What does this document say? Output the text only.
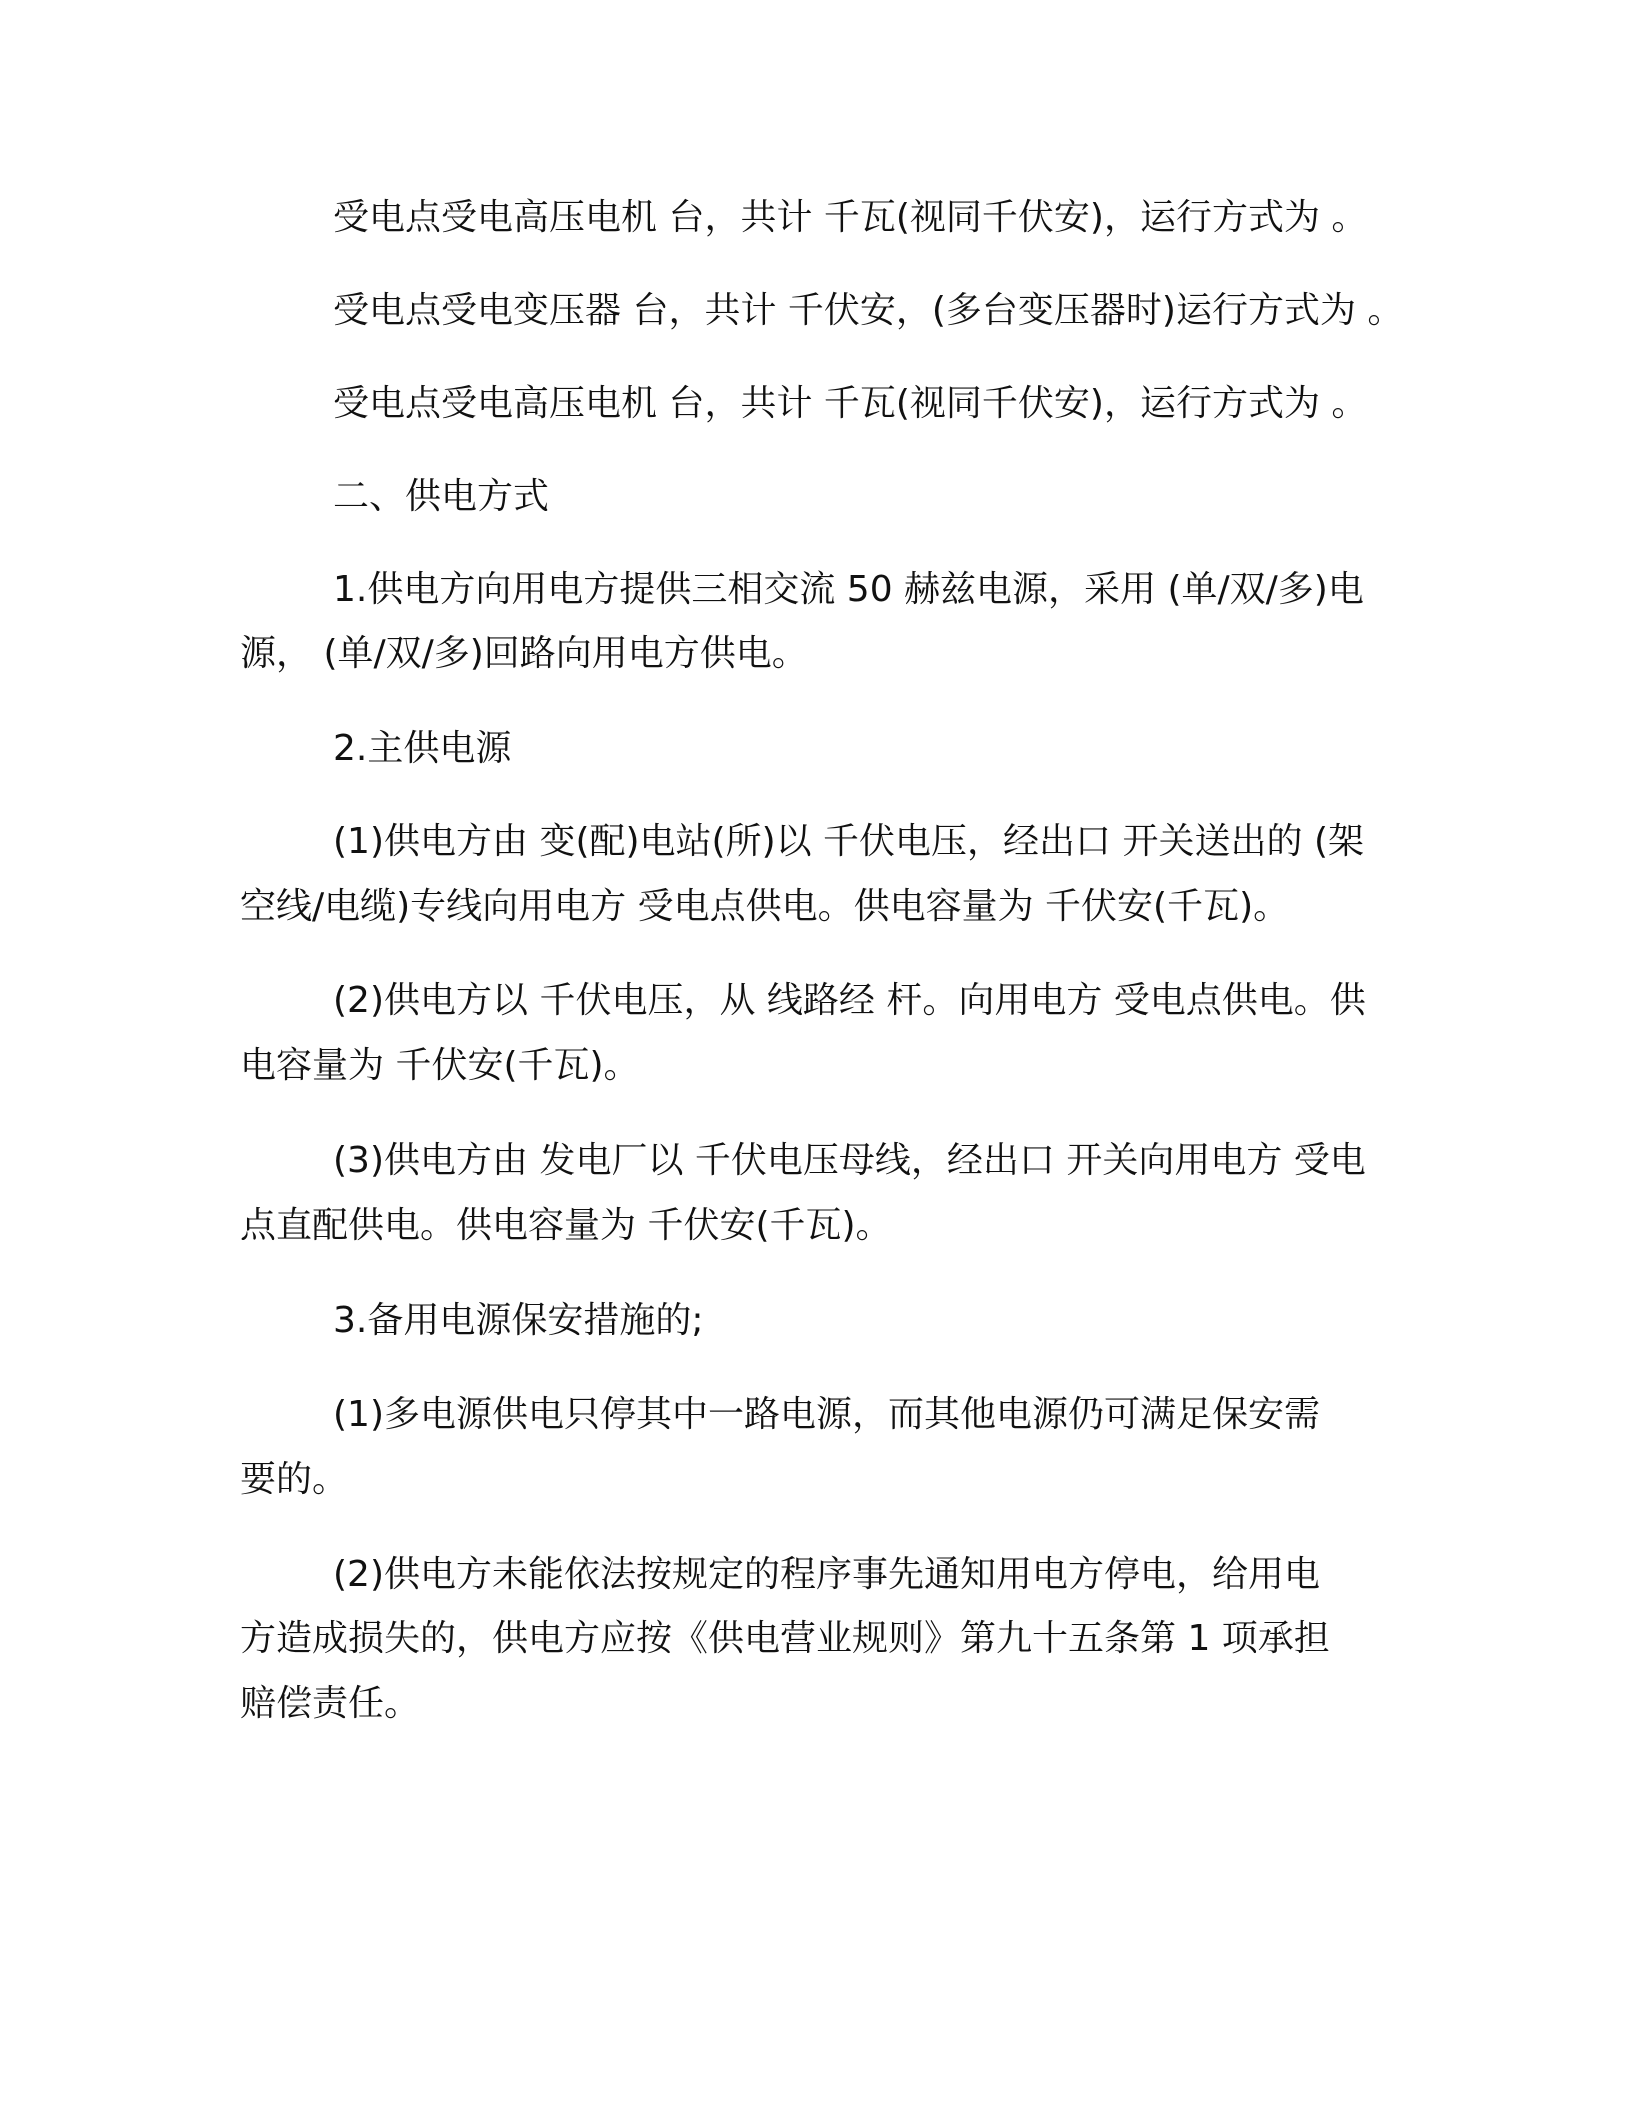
受电点受电高压电机 台，共计 千瓦(视同千伏安)，运行方式为 。
受电点受电变压器 台，共计 千伏安，(多台变压器时)运行方式为 。
受电点受电高压电机 台，共计 千瓦(视同千伏安)，运行方式为 。
二、供电方式
1.供电方向用电方提供三相交流 50 赫兹电源，采用 (单/双/多)电
源， (单/双/多)回路向用电方供电。
2.主供电源
(1)供电方由 变(配)电站(所)以 千伏电压，经出口 开关送出的 (架
空线/电缆)专线向用电方 受电点供电。供电容量为 千伏安(千瓦)。
(2)供电方以 千伏电压，从 线路经 杆。向用电方 受电点供电。供
电容量为 千伏安(千瓦)。
(3)供电方由 发电厂以 千伏电压母线，经出口 开关向用电方 受电
点直配供电。供电容量为 千伏安(千瓦)。
3.备用电源保安措施的;
(1)多电源供电只停其中一路电源，而其他电源仍可满足保安需
要的。
(2)供电方未能依法按规定的程序事先通知用电方停电，给用电
方造成损失的，供电方应按《供电营业规则》第九十五条第 1 项承担
赔偿责任。
